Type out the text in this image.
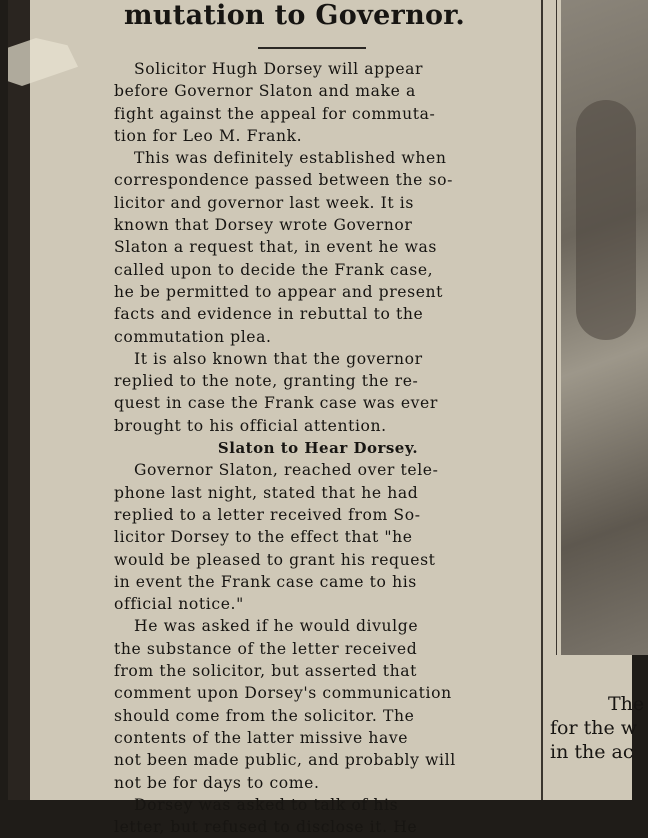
mutation to Governor.
Solicitor Hugh Dorsey will appear
before Governor Slaton and make a
fight against the appeal for commuta-
tion for Leo M. Frank.
This was definitely established when
correspondence passed between the so-
licitor and governor last week. It is
known that Dorsey wrote Governor
Slaton a request that, in event he was
called upon to decide the Frank case,
he be permitted to appear and present
facts and evidence in rebuttal to the
commutation plea.
It is also known that the governor
replied to the note, granting the re-
quest in case the Frank case was ever
brought to his official attention.
Slaton to Hear Dorsey.
Governor Slaton, reached over tele-
phone last night, stated that he had
replied to a letter received from So-
licitor Dorsey to the effect that "he
would be pleased to grant his request
in event the Frank case came to his
official notice."
He was asked if he would divulge
the substance of the letter received
from the solicitor, but asserted that
comment upon Dorsey's communication
should come from the solicitor. The
contents of the latter missive have
not been made public, and probably will
not be for days to come.
Dorsey was asked to talk of his
letter, but refused to disclose it. He
The
for the w
in the ac
